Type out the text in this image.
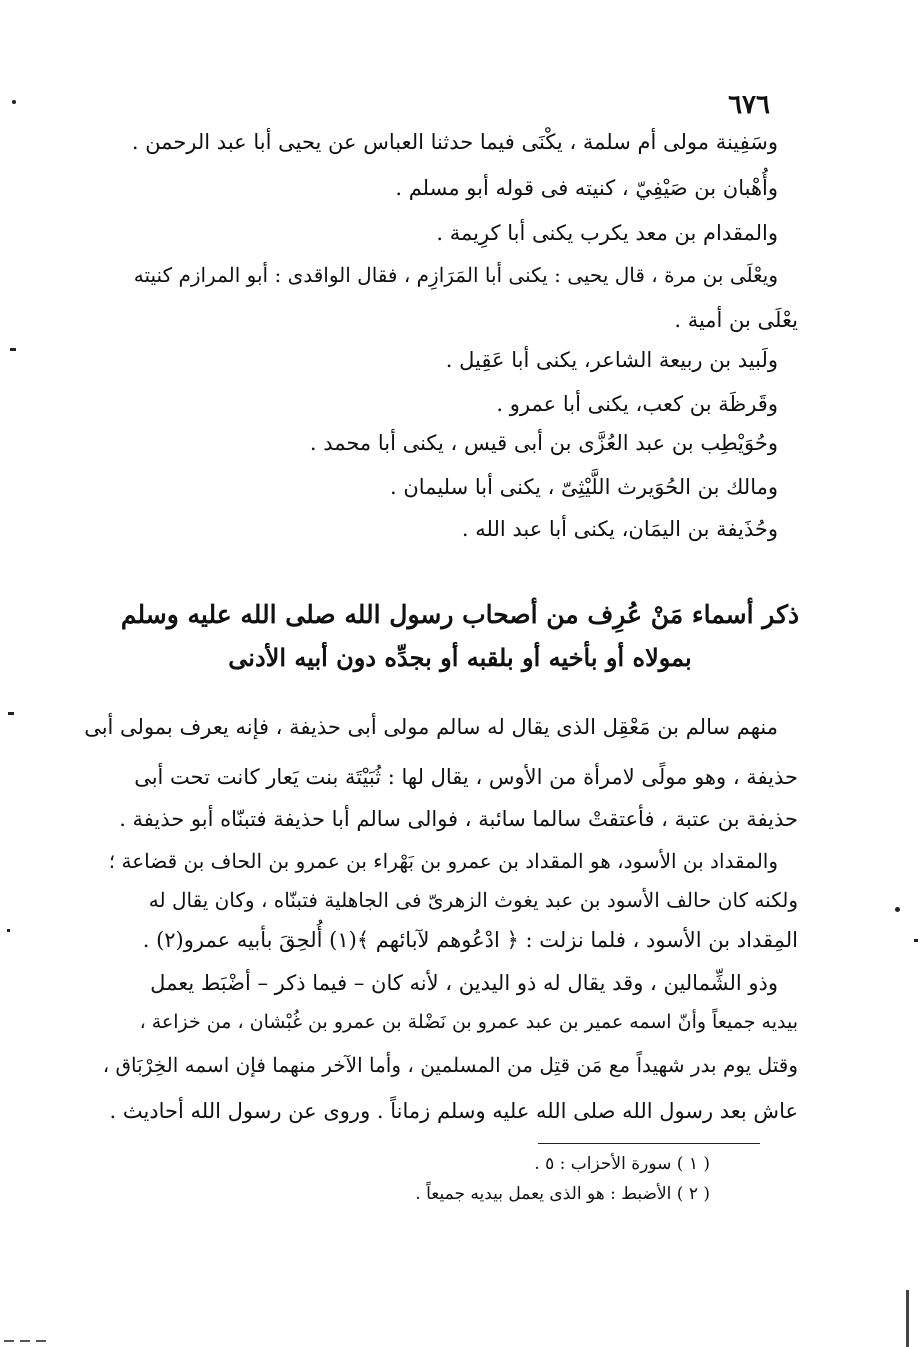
٦٧٦
وسَفِينة مولى أم سلمة ، يكْنَى فيما حدثنا العباس عن يحيى أبا عبد الرحمن .
وأُهْبان بن صَيْفِيّ ، كنيته فى قوله أبو مسلم .
والمقدام بن معد يكرب يكنى أبا كرِيمة .
ويعْلَى بن مرة ، قال يحيى : يكنى أبا المَرَازِم ، فقال الواقدى : أبو المرازم كنيته
يعْلَى بن أمية .
ولَبيد بن ربيعة الشاعر، يكنى أبا عَقِيل .
وقَرظَة بن كعب، يكنى أبا عمرو .
وحُوَيْطِب بن عبد العُزَّى بن أبى قيس ، يكنى أبا محمد .
ومالك بن الحُوَيرث اللَّيْثِىّ ، يكنى أبا سليمان .
وحُذَيفة بن اليمَان، يكنى أبا عبد الله .
ذكر أسماء مَنْ عُرِف من أصحاب رسول الله صلى الله عليه وسلم
بمولاه أو بأخيه أو بلقبه أو بجدِّه دون أبيه الأدنى
منهم سالم بن مَعْقِل الذى يقال له سالم مولى أبى حذيفة ، فإنه يعرف بمولى أبى
حذيفة ، وهو مولًى لامرأة من الأوس ، يقال لها : ثُبَيْتَة بنت يَعار كانت تحت أبى
حذيفة بن عتبة ، فأعتقتْ سالما سائبة ، فوالى سالم أبا حذيفة فتبنّاه أبو حذيفة .
والمقداد بن الأسود، هو المقداد بن عمرو بن بَهْراء بن عمرو بن الحاف بن قضاعة ؛
ولكنه كان حالف الأسود بن عبد يغوث الزهرىّ فى الجاهلية فتبنّاه ، وكان يقال له
المِقداد بن الأسود ، فلما نزلت : ﴿ ادْعُوهم لآبائهم ﴾(١) أُلحِقَ بأبيه عمرو(٢) .
وذو الشِّمالين ، وقد يقال له ذو اليدين ، لأنه كان – فيما ذكر – أضْبَط يعمل
بيديه جميعاً وأنّ اسمه عمير بن عبد عمرو بن نَضْلة بن عمرو بن غُبْشان ، من خزاعة ،
وقتل يوم بدر شهيداً مع مَن قتِل من المسلمين ، وأما الآخر منهما فإن اسمه الخِرْبَاق ،
عاش بعد رسول الله صلى الله عليه وسلم زماناً . وروى عن رسول الله أحاديث .
( ١ ) سورة الأحزاب : ٥ .
( ٢ ) الأضبط : هو الذى يعمل بيديه جميعاً .
